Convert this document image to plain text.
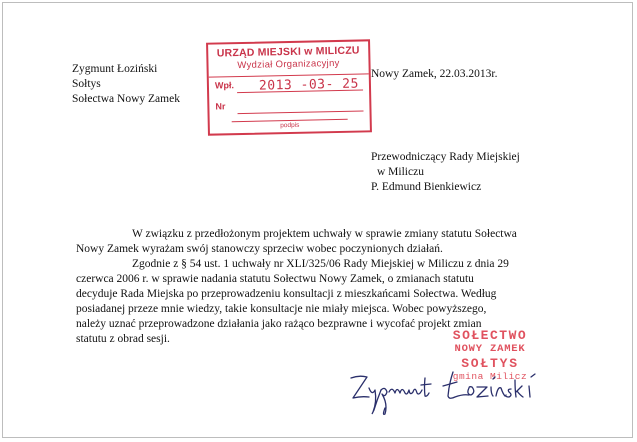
Zygmunt Łoziński
Sołtys
Sołectwa Nowy Zamek
URZĄD MIEJSKI w MILICZU
Wydział Organizacyjny
Wpł.	2013 -03- 25
Nr
podpis
Nowy Zamek, 22.03.2013r.
Przewodniczący Rady Miejskiej
w Miliczu
P. Edmund Bienkiewicz

W związku z przedłożonym projektem uchwały w sprawie zmiany statutu Sołectwa
Nowy Zamek wyrażam swój stanowczy sprzeciw wobec poczynionych działań.

Zgodnie z § 54 ust. 1 uchwały nr XLI/325/06 Rady Miejskiej w Miliczu z dnia 29
czerwca 2006 r. w sprawie nadania statutu Sołectwu Nowy Zamek, o zmianach statutu
decyduje Rada Miejska po przeprowadzeniu konsultacji z mieszkańcami Sołectwa. Według
posiadanej przeze mnie wiedzy, takie konsultacje nie miały miejsca. Wobec powyższego,
należy uznać przeprowadzone działania jako rażąco bezprawne i wycofać projekt zmian
statutu z obrad sesji.	SOŁECTWO
NOWY ZAMEK
SOŁTYS
gmina Milicz
